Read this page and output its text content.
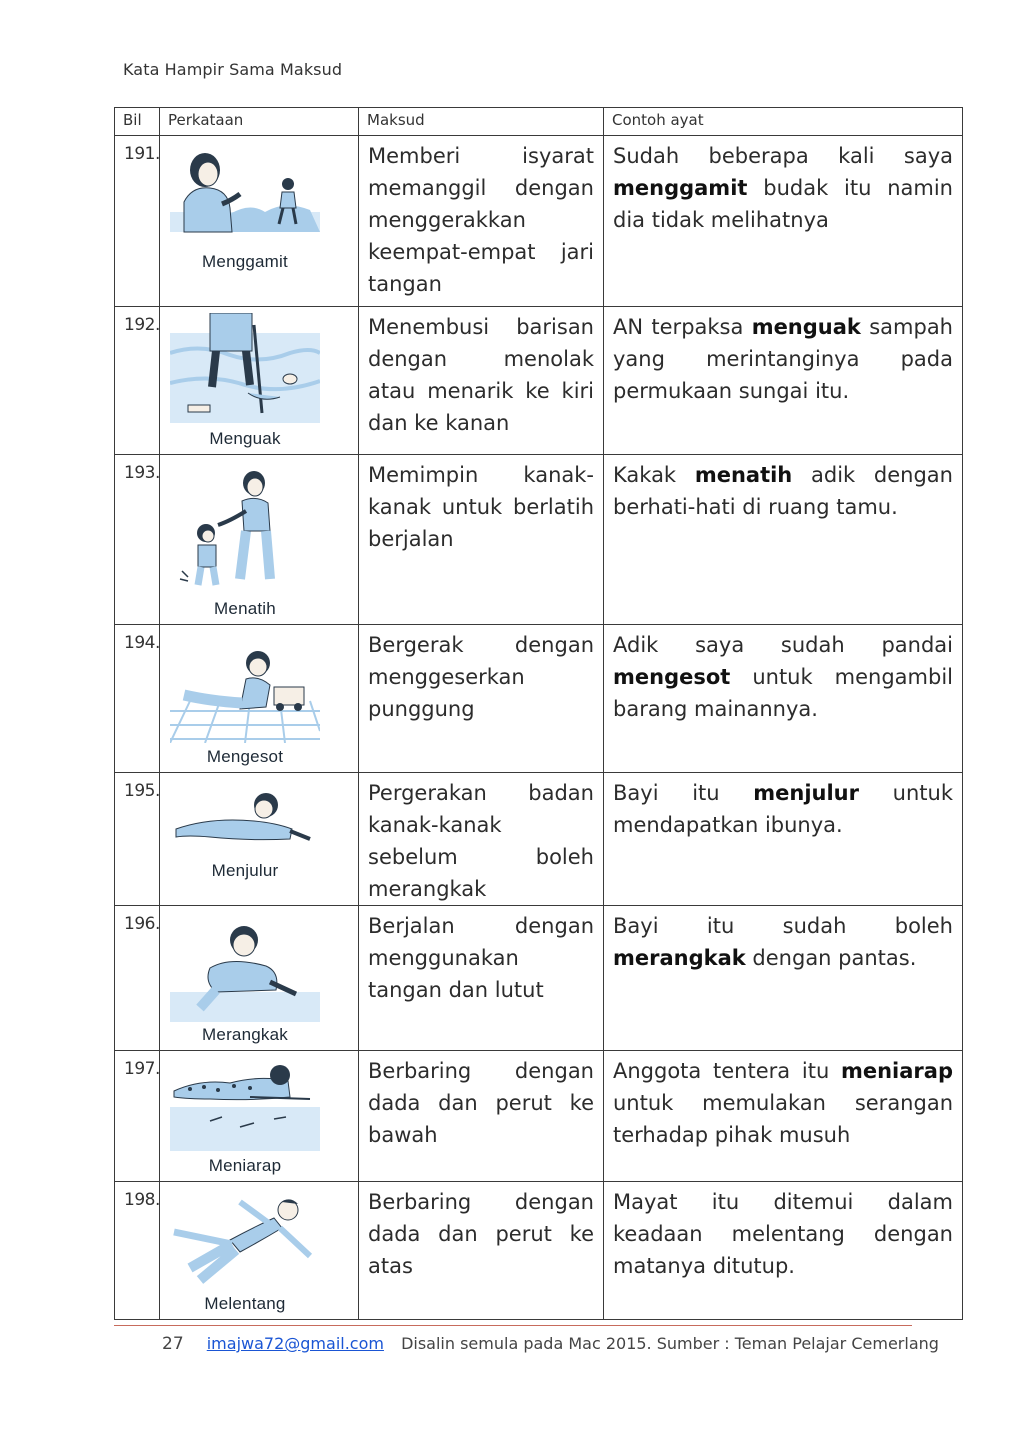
Kata Hampir Sama Maksud
Bil	Perkataan	Maksud	Contoh ayat
191.	Menggamit	Memberi isyarat memanggil dengan menggerakkan keempat-empat jari tangan	Sudah beberapa kali saya menggamit budak itu namin dia tidak melihatnya
192.	Menguak	Menembusi barisan dengan menolak atau menarik ke kiri dan ke kanan	AN terpaksa menguak sampah yang merintanginya pada permukaan sungai itu.
193.	Menatih	Memimpin kanak-kanak untuk berlatih berjalan	Kakak menatih adik dengan berhati-hati di ruang tamu.
194.	Mengesot	Bergerak dengan menggeserkan punggung	Adik saya sudah pandai mengesot untuk mengambil barang mainannya.
195.	Menjulur	Pergerakan badan kanak-kanak sebelum boleh merangkak	Bayi itu menjulur untuk mendapatkan ibunya.
196.	Merangkak	Berjalan dengan menggunakan tangan dan lutut	Bayi itu sudah boleh merangkak dengan pantas.
197.	Meniarap	Berbaring dengan dada dan perut ke bawah	Anggota tentera itu meniarap untuk memulakan serangan terhadap pihak musuh
198.	Melentang	Berbaring dengan dada dan perut ke atas	Mayat itu ditemui dalam keadaan melentang dengan matanya ditutup.
27 imajwa72@gmail.com Disalin semula pada Mac 2015. Sumber : Teman Pelajar Cemerlang
